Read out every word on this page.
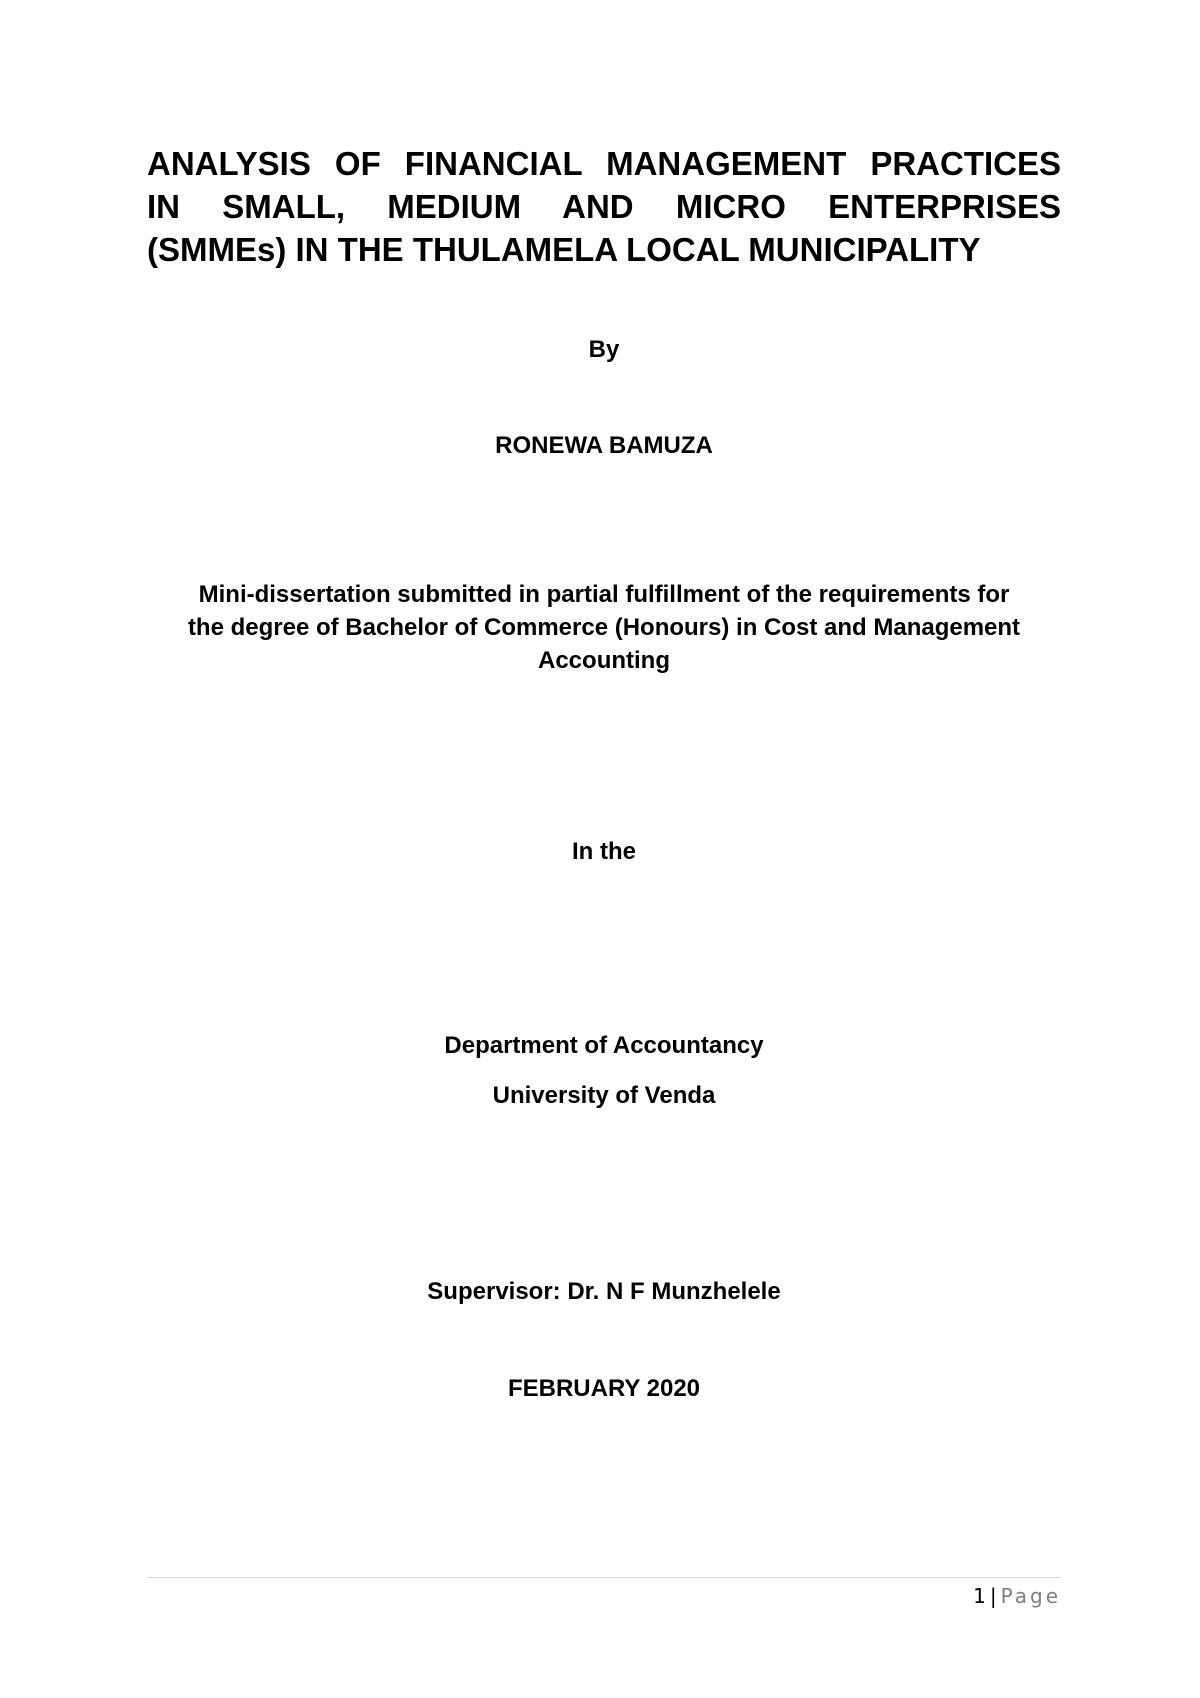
ANALYSIS OF FINANCIAL MANAGEMENT PRACTICES
IN SMALL, MEDIUM AND MICRO ENTERPRISES
(SMMEs) IN THE THULAMELA LOCAL MUNICIPALITY

By

RONEWA BAMUZA

Mini-dissertation submitted in partial fulfillment of the requirements for
the degree of Bachelor of Commerce (Honours) in Cost and Management
Accounting

In the

Department of Accountancy

University of Venda

Supervisor: Dr. N F Munzhelele

FEBRUARY 2020

1 | Page
